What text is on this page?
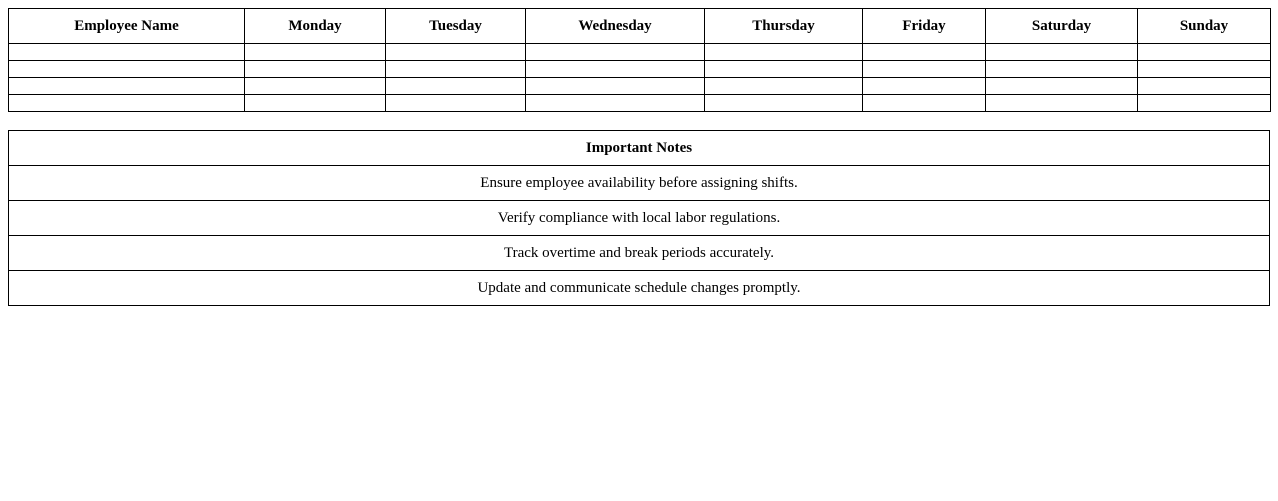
Employee Name	Monday	Tuesday	Wednesday	Thursday	Friday	Saturday	Sunday

Important Notes
Ensure employee availability before assigning shifts.
Verify compliance with local labor regulations.
Track overtime and break periods accurately.
Update and communicate schedule changes promptly.
